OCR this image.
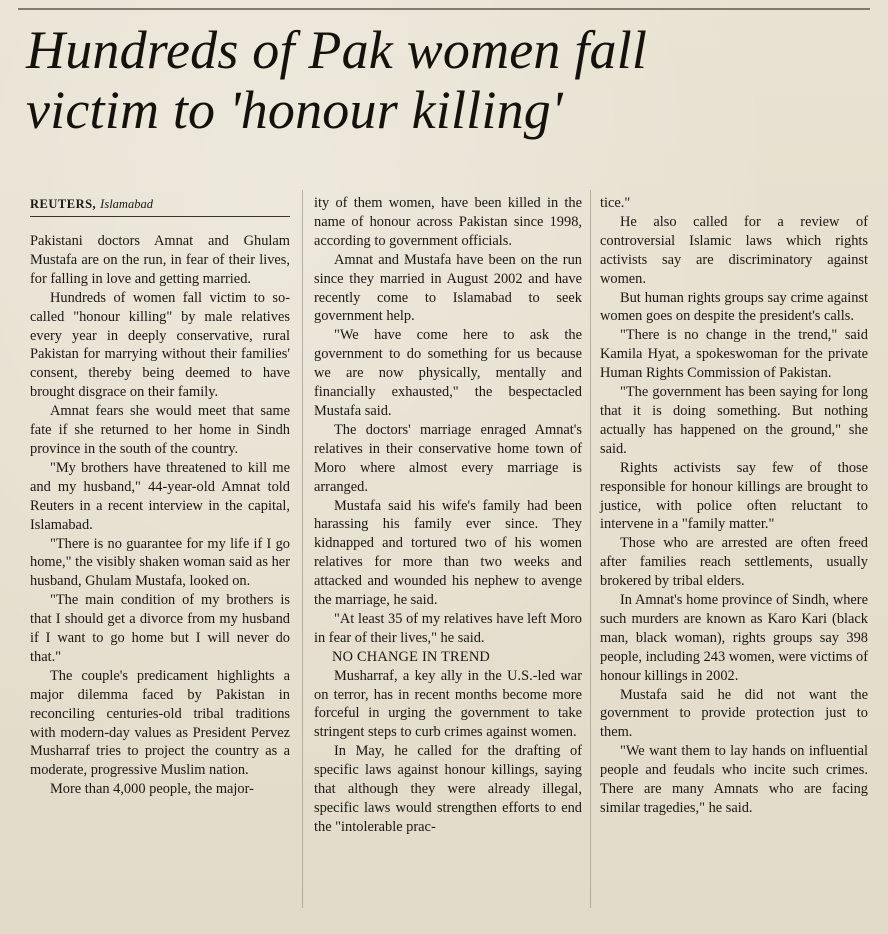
Hundreds of Pak women fall
victim to 'honour killing'
REUTERS, Islamabad

Pakistani doctors Amnat and Ghulam Mustafa are on the run, in fear of their lives, for falling in love and getting married.

Hundreds of women fall victim to so-called "honour killing" by male relatives every year in deeply conservative, rural Pakistan for marrying without their families' consent, thereby being deemed to have brought disgrace on their family.

Amnat fears she would meet that same fate if she returned to her home in Sindh province in the south of the country.

"My brothers have threatened to kill me and my husband," 44-year-old Amnat told Reuters in a recent interview in the capital, Islamabad.

"There is no guarantee for my life if I go home," the visibly shaken woman said as her husband, Ghulam Mustafa, looked on.

"The main condition of my brothers is that I should get a divorce from my husband if I want to go home but I will never do that."

The couple's predicament highlights a major dilemma faced by Pakistan in reconciling centuries-old tribal traditions with modern-day values as President Pervez Musharraf tries to project the country as a moderate, progressive Muslim nation.

More than 4,000 people, the major-

ity of them women, have been killed in the name of honour across Pakistan since 1998, according to government officials.

Amnat and Mustafa have been on the run since they married in August 2002 and have recently come to Islamabad to seek government help.

"We have come here to ask the government to do something for us because we are now physically, mentally and financially exhausted," the bespectacled Mustafa said.

The doctors' marriage enraged Amnat's relatives in their conservative home town of Moro where almost every marriage is arranged.

Mustafa said his wife's family had been harassing his family ever since. They kidnapped and tortured two of his women relatives for more than two weeks and attacked and wounded his nephew to avenge the marriage, he said.

"At least 35 of my relatives have left Moro in fear of their lives," he said.

NO CHANGE IN TREND

Musharraf, a key ally in the U.S.-led war on terror, has in recent months become more forceful in urging the government to take stringent steps to curb crimes against women.

In May, he called for the drafting of specific laws against honour killings, saying that although they were already illegal, specific laws would strengthen efforts to end the "intolerable prac-

tice."

He also called for a review of controversial Islamic laws which rights activists say are discriminatory against women.

But human rights groups say crime against women goes on despite the president's calls.

"There is no change in the trend," said Kamila Hyat, a spokeswoman for the private Human Rights Commission of Pakistan.

"The government has been saying for long that it is doing something. But nothing actually has happened on the ground," she said.

Rights activists say few of those responsible for honour killings are brought to justice, with police often reluctant to intervene in a "family matter."

Those who are arrested are often freed after families reach settlements, usually brokered by tribal elders.

In Amnat's home province of Sindh, where such murders are known as Karo Kari (black man, black woman), rights groups say 398 people, including 243 women, were victims of honour killings in 2002.

Mustafa said he did not want the government to provide protection just to them.

"We want them to lay hands on influential people and feudals who incite such crimes. There are many Amnats who are facing similar tragedies," he said.
